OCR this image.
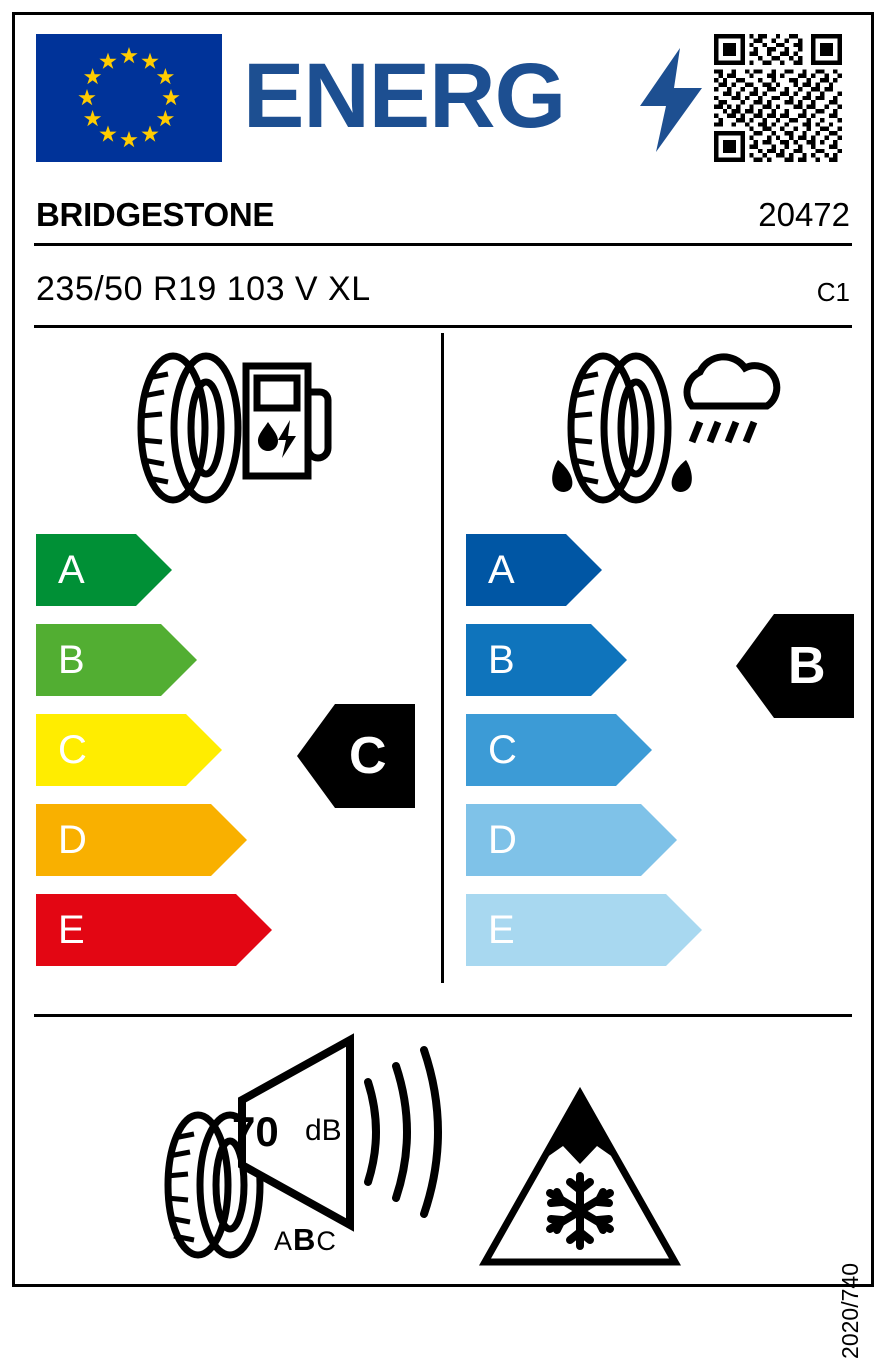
ENERG
BRIDGESTONE	20472
235/50 R19 103 V XL	C1
A
B
C
D
E
A
B
C
D
E
C
B
70 dB
ABC
2020/740
